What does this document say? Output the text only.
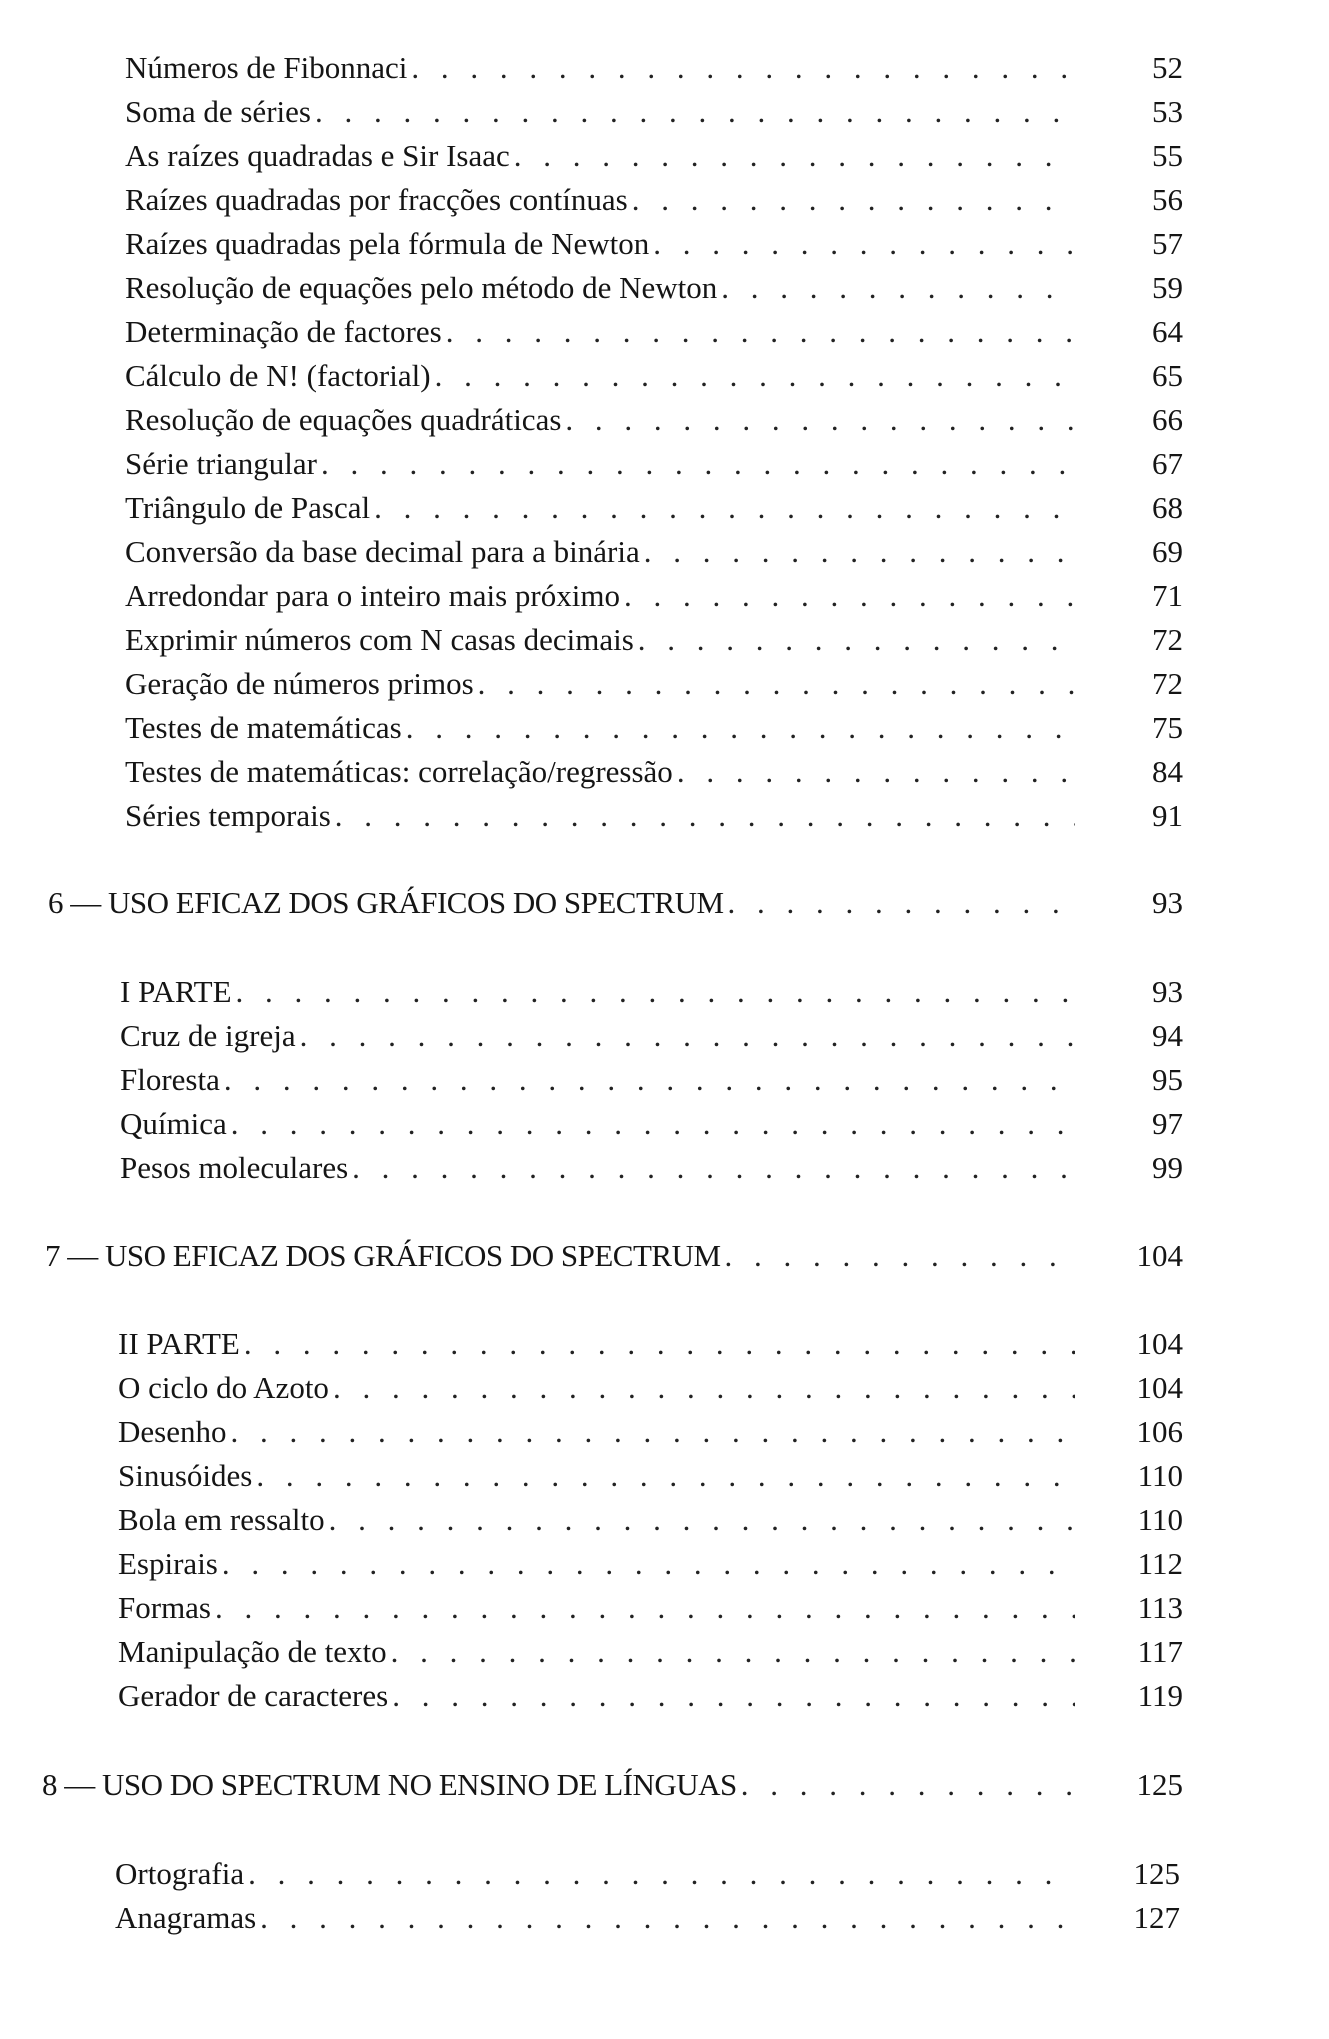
Números de Fibonnaci . . .	52
Soma de séries . . .	53
As raízes quadradas e Sir Isaac . . .	55
Raízes quadradas por fracções contínuas . . .	56
Raízes quadradas pela fórmula de Newton . . .	57
Resolução de equações pelo método de Newton . . .	59
Determinação de factores . . .	64
Cálculo de N! (factorial) . . .	65
Resolução de equações quadráticas . . .	66
Série triangular . . .	67
Triângulo de Pascal . . .	68
Conversão da base decimal para a binária . . .	69
Arredondar para o inteiro mais próximo . . .	71
Exprimir números com N casas decimais . . .	72
Geração de números primos . . .	72
Testes de matemáticas . . .	75
Testes de matemáticas: correlação/regressão . . .	84
Séries temporais . . .	91
6 — USO EFICAZ DOS GRÁFICOS DO SPECTRUM . . .	93
I PARTE . . .	93
Cruz de igreja . . .	94
Floresta . . .	95
Química . . .	97
Pesos moleculares . . .	99
7 — USO EFICAZ DOS GRÁFICOS DO SPECTRUM . . .	104
II PARTE . . .	104
O ciclo do Azoto . . .	104
Desenho . . .	106
Sinusóides . . .	110
Bola em ressalto . . .	110
Espirais . . .	112
Formas . . .	113
Manipulação de texto . . .	117
Gerador de caracteres . . .	119
8 — USO DO SPECTRUM NO ENSINO DE LÍNGUAS . . .	125
Ortografia . . .	125
Anagramas . . .	127
